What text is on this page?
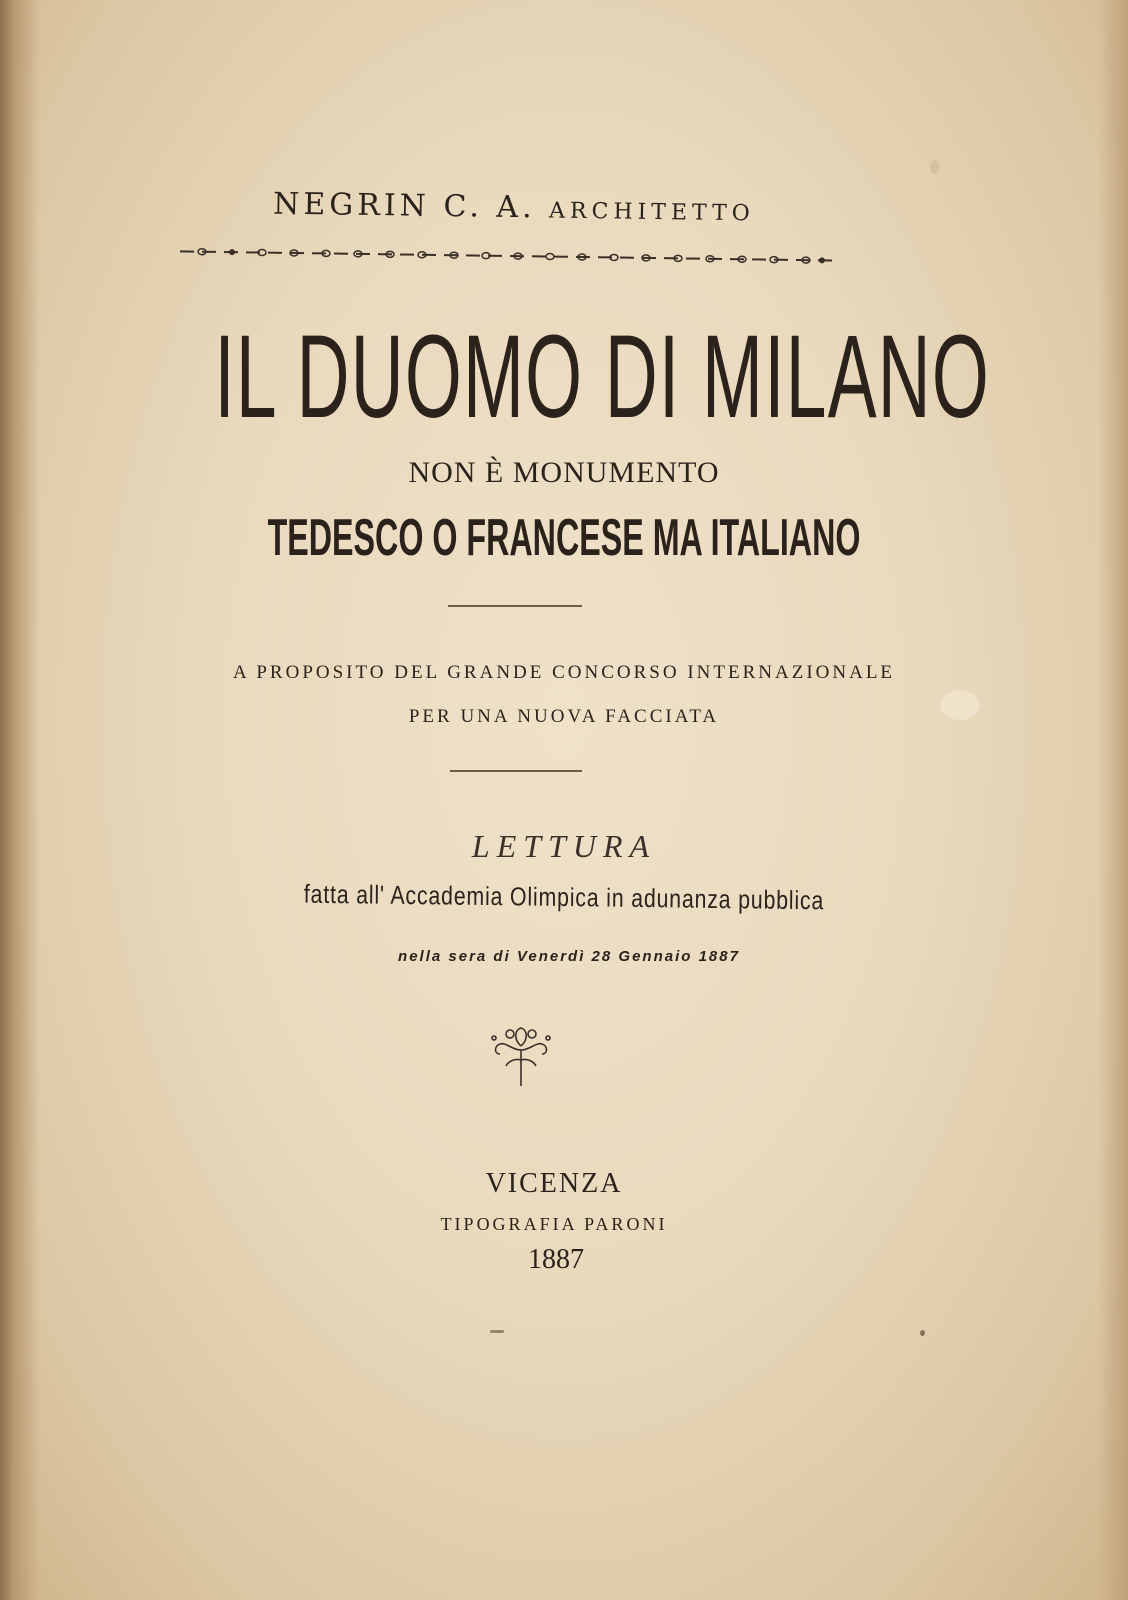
NEGRIN C. A. ARCHITETTO
IL DUOMO DI MILANO
NON È MONUMENTO
TEDESCO O FRANCESE MA ITALIANO
A PROPOSITO DEL GRANDE CONCORSO INTERNAZIONALE
PER UNA NUOVA FACCIATA
LETTURA
fatta all' Accademia Olimpica in adunanza pubblica
nella sera di Venerdì 28 Gennaio 1887
VICENZA
TIPOGRAFIA PARONI
1887
